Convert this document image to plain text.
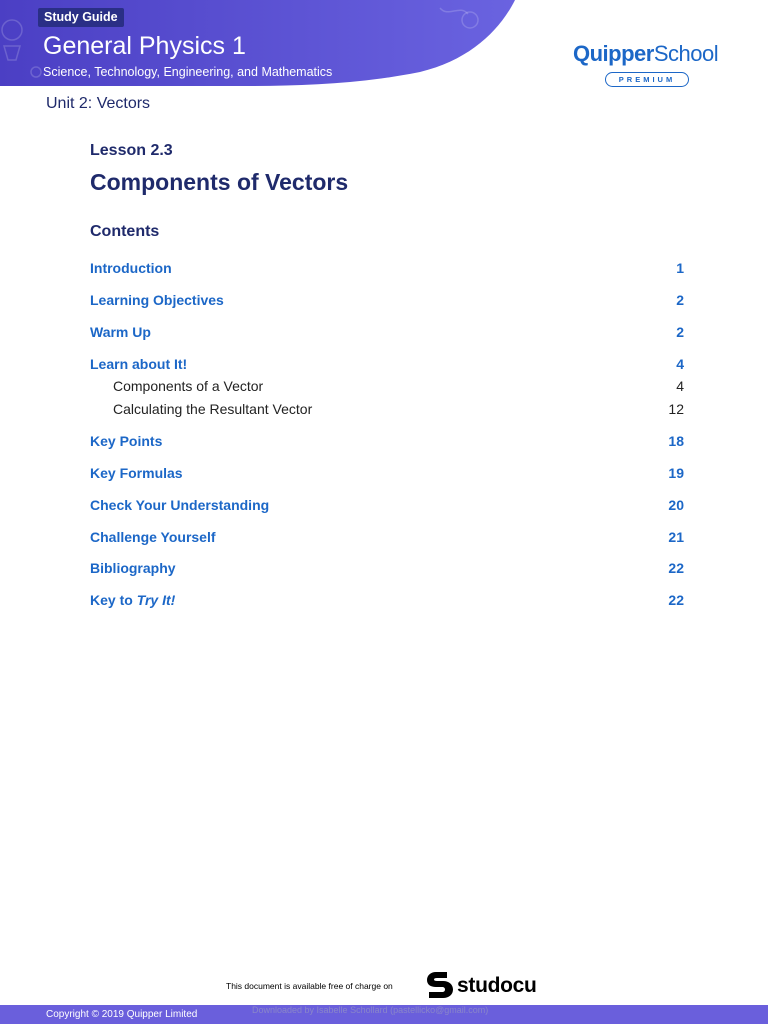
Study Guide
General Physics 1
Science, Technology, Engineering, and Mathematics
QuipperSchool
PREMIUM
Unit 2: Vectors
Lesson 2.3
Components of Vectors
Contents
Introduction	1
Learning Objectives	2
Warm Up	2
Learn about It!	4
Components of a Vector	4
Calculating the Resultant Vector	12
Key Points	18
Key Formulas	19
Check Your Understanding	20
Challenge Yourself	21
Bibliography	22
Key to Try It!	22
This document is available free of charge on	studocu
Copyright © 2019 Quipper Limited	Downloaded by Isabelle Schollard (pastellicko@gmail.com)
